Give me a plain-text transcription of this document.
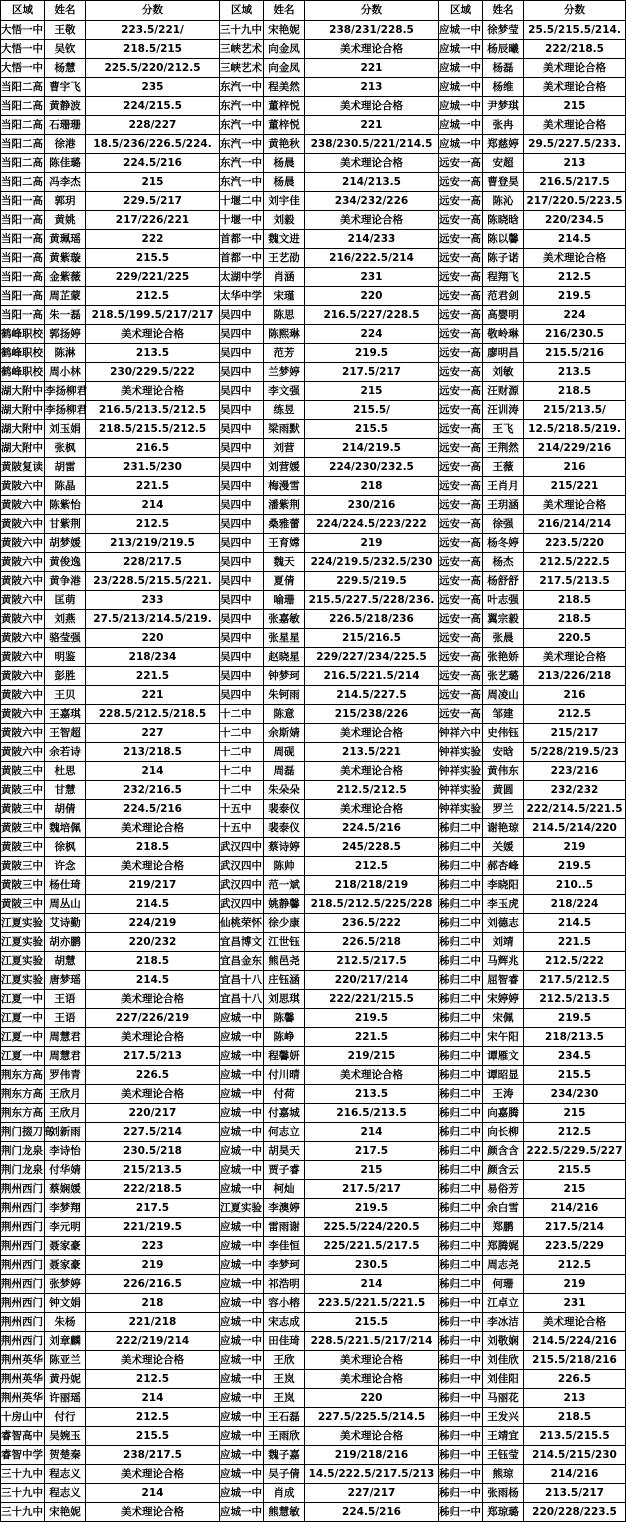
区域	姓名	分数	区域	姓名	分数	区域	姓名	分数
大悟一中	王敬	223.5/221/	三十九中	宋艳妮	238/231/228.5	应城一中	徐梦莹	25.5/215.5/214.
大悟一中	吴钦	218.5/215	三峡艺术	向金凤	美术理论合格	应城一中	杨辰曦	222/218.5
大悟一中	杨慧	225.5/220/212.5	三峡艺术	向金凤	221	应城一中	杨磊	美术理论合格
当阳二高	曹宇飞	235	东汽一中	程美然	213	应城一中	杨维	美术理论合格
当阳二高	黄静波	224/215.5	东汽一中	董梓悦	美术理论合格	应城一中	尹梦琪	215
当阳二高	石珊珊	228/227	东汽一中	董梓悦	221	应城一中	张冉	美术理论合格
当阳二高	徐港	18.5/236/226.5/224.	东汽一中	黄艳秋	238/230.5/221/214.5	应城一中	郑慈婷	29.5/227.5/233.
当阳二高	陈佳璐	224.5/216	东汽一中	杨晨	美术理论合格	远安一高	安超	213
当阳二高	冯李杰	215	东汽一中	杨晨	214/213.5	远安一高	曹登昊	216.5/217.5
当阳一高	郭玥	229.5/217	十堰二中	刘宇佳	234/232/226	远安一高	陈沁	217/220.5/223.5
当阳一高	黄姚	217/226/221	十堰一中	刘毅	美术理论合格	远安一高	陈晓晗	220/234.5
当阳一高	黄珮瑶	222	首都一中	魏文进	214/233	远安一高	陈以馨	214.5
当阳一高	黄紫璇	215.5	首都一中	王艺劭	216/222.5/214	远安一高	陈子诺	美术理论合格
当阳一高	金紫薇	229/221/225	太湖中学	肖涵	231	远安一高	程翔飞	212.5
当阳一高	周芷蒙	212.5	太华中学	宋瑾	220	远安一高	范君剑	219.5
当阳一高	朱一磊	218.5/199.5/217/217	吴四中	陈思	216.5/227/228.5	远安一高	高婴明	224
鹤峰职校	郭扬婷	美术理论合格	吴四中	陈熙琳	224	远安一高	敬岭琳	216/230.5
鹤峰职校	陈淋	213.5	吴四中	范芳	219.5	远安一高	廖明昌	215.5/216
鹤峰职校	周小林	230/229.5/222	吴四中	兰梦婷	217.5/217	远安一高	刘敏	213.5
湖大附中	李扬柳君	美术理论合格	吴四中	李文强	215	远安一高	汪财源	218.5
湖大附中	李扬柳君	216.5/213.5/212.5	吴四中	练昱	215.5/	远安一高	汪训涛	215/213.5/
湖大附中	刘玉娟	218.5/215.5/212.5	吴四中	梁雨默	215.5	远安一高	王飞	12.5/218.5/219.
湖大附中	张枫	216.5	吴四中	刘营	214/219.5	远安一高	王荆然	214/229/216
黄陂复读	胡雷	231.5/230	吴四中	刘营媛	224/230/232.5	远安一高	王薇	216
黄陂六中	陈晶	221.5	吴四中	梅漫雪	218	远安一高	王肖月	215/221
黄陂六中	陈紫怡	214	吴四中	潘紫荆	230/216	远安一高	王玥涵	美术理论合格
黄陂六中	甘紫荆	212.5	吴四中	桑雅蕾	224/224.5/223/222	远安一高	徐强	216/214/214
黄陂六中	胡梦媛	213/219/219.5	吴四中	王育嫦	219	远安一高	杨冬婷	223.5/220
黄陂六中	黄俊逸	228/217.5	吴四中	魏天	224/219.5/232.5/230	远安一高	杨杰	212.5/222.5
黄陂六中	黄争港	23/228.5/215.5/221.	吴四中	夏倩	229.5/219.5	远安一高	杨舒舒	217.5/213.5
黄陂六中	匡萌	233	吴四中	喻珊	215.5/227.5/228/236.	远安一高	叶志强	218.5
黄陂六中	刘燕	27.5/213/214.5/219.	吴四中	张嘉敏	226.5/218/236	远安一高	翼宗毅	218.5
黄陂六中	骆莹强	220	吴四中	张星星	215/216.5	远安一高	张晨	220.5
黄陂六中	明鉴	218/234	吴四中	赵晓星	229/227/234/225.5	远安一高	张艳娇	美术理论合格
黄陂六中	彭胜	221.5	吴四中	钟梦珂	216.5/221.5/214	远安一高	张艺璐	213/226/218
黄陂六中	王贝	221	吴四中	朱钶雨	214.5/227.5	远安一高	周凌山	216
黄陂六中	王嘉琪	228.5/212.5/218.5	十二中	陈意	215/238/226	远安一高	邹建	212.5
黄陂六中	王智超	227	十二中	余斯婧	美术理论合格	钟祥六中	史伟钰	215/217
黄陂六中	余若诗	213/218.5	十二中	周砚	213.5/221	钟祥实验	安晗	5/228/219.5/23
黄陂三中	杜思	214	十二中	周磊	美术理论合格	钟祥实验	黄伟东	223/216
黄陂三中	甘慧	232/216.5	十二中	朱朵朵	212.5/212.5	钟祥实验	黄圆	232/232
黄陂三中	胡倩	224.5/216	十五中	裴泰仪	美术理论合格	钟祥实验	罗兰	222/214.5/221.5
黄陂三中	魏培佩	美术理论合格	十五中	裴泰仪	224.5/216	秭归二中	谢艳琼	214.5/214/220
黄陂三中	徐枫	218.5	武汉四中	蔡诗婷	245/228.5	秭归二中	关媛	219
黄陂三中	许念	美术理论合格	武汉四中	陈帅	212.5	秭归二中	郝杏峰	219.5
黄陂三中	杨仕琦	219/217	武汉四中	范一斌	218/218/219	秭归二中	李晓阳	210..5
黄陂三中	周丛山	214.5	武汉四中	姚静馨	218.5/212.5/225/228	秭归二中	李玉虎	218/224
江夏实验	艾诗勤	224/219	仙桃荣怀	徐少康	236.5/222	秭归二中	刘德志	214.5
江夏实验	胡亦鹏	220/232	宜昌博文	江世钰	226.5/218	秭归二中	刘靖	221.5
江夏实验	胡慧	218.5	宜昌金东	熊邑尧	212.5/217.5	秭归二中	马辉兆	212.5/222
江夏实验	唐梦瑶	214.5	宜昌十八	庄钰涵	220/217/214	秭归二中	屈智睿	217.5/212.5
江夏一中	王语	美术理论合格	宜昌十八	刘思琪	222/221/215.5	秭归二中	宋婷婷	212.5/213.5
江夏一中	王语	227/226/219	应城一中	陈馨	219.5	秭归二中	宋佩	219.5
江夏一中	周慧君	美术理论合格	应城一中	陈峥	221.5	秭归二中	宋午阳	218/213.5
江夏一中	周慧君	217.5/213	应城一中	程馨妍	219/215	秭归二中	谭雁文	234.5
荆东方高	罗伟青	226.5	应城一中	付川晴	美术理论合格	秭归二中	谭昭显	215.5
荆东方高	王欣月	美术理论合格	应城一中	付荷	213.5	秭归二中	王涛	234/230
荆东方高	王欣月	220/217	应城一中	付嘉城	216.5/213.5	秭归二中	向嘉腾	215
荆门掇刀高	刘新雨	227.5/214	应城一中	何志立	214	秭归二中	向长柳	212.5
荆门龙泉	李诗怡	230.5/218	应城一中	胡昊天	217.5	秭归二中	颜含含	222.5/229.5/227
荆门龙泉	付华婧	215/213.5	应城一中	贾子睿	215	秭归二中	颜含云	215.5
荆州西门	蔡娴媛	222/218.5	应城一中	柯灿	217.5/217	秭归二中	易俗芳	215
荆州西门	李梦翔	217.5	江夏实验	李澳婷	219.5	秭归二中	余白雪	214/216
荆州西门	李元明	221/219.5	应城一中	雷雨谢	225.5/224/220.5	秭归二中	郑鹏	217.5/214
荆州西门	聂家豪	223	应城一中	李佳恒	225/221.5/217.5	秭归二中	郑腾娓	223.5/229
荆州西门	聂家豪	219	应城一中	李梦珂	230.5	秭归二中	周志尧	212.5
荆州西门	张梦婷	226/216.5	应城一中	祁浩明	214	秭归二中	何珊	219
荆州西门	钟文娟	218	应城一中	容小榕	223.5/221.5/221.5	秭归一中	江卓立	231
荆州西门	朱杨	221/218	应城一中	宋志成	215.5	秭归一中	李冰洁	美术理论合格
荆州西门	刘章麟	222/219/214	应城一中	田佳琦	228.5/221.5/217/214	秭归一中	刘敬娴	214.5/224/216
荆州英华	陈亚兰	美术理论合格	应城一中	王欣	美术理论合格	秭归一中	刘佳欣	215.5/218/216
荆州英华	黄丹妮	212.5	应城一中	王岚	美术理论合格	秭归一中	刘佳阳	226.5
荆州英华	许丽瑶	214	应城一中	王岚	220	秭归一中	马丽花	213
十房山中	付行	212.5	应城一中	王石磊	227.5/225.5/214.5	秭归一中	王发兴	218.5
睿智高中	吴婉玉	215.5	应城一中	王雨欣	美术理论合格	秭归一中	王靖宜	213.5/215.5
睿智中学	贺楚秦	238/217.5	应城一中	魏子嘉	219/218/216	秭归一中	王钰莹	214.5/215/230
三十九中	程志义	美术理论合格	应城一中	吴子倩	14.5/222.5/217.5/213	秭归一中	熊琼	214/216
三十九中	程志义	214	应城一中	肖成	227/217	秭归一中	张雨杨	213.5/217
三十九中	宋艳妮	美术理论合格	应城一中	熊慧敏	224.5/216	秭归一中	郑琼璐	220/228/223.5
